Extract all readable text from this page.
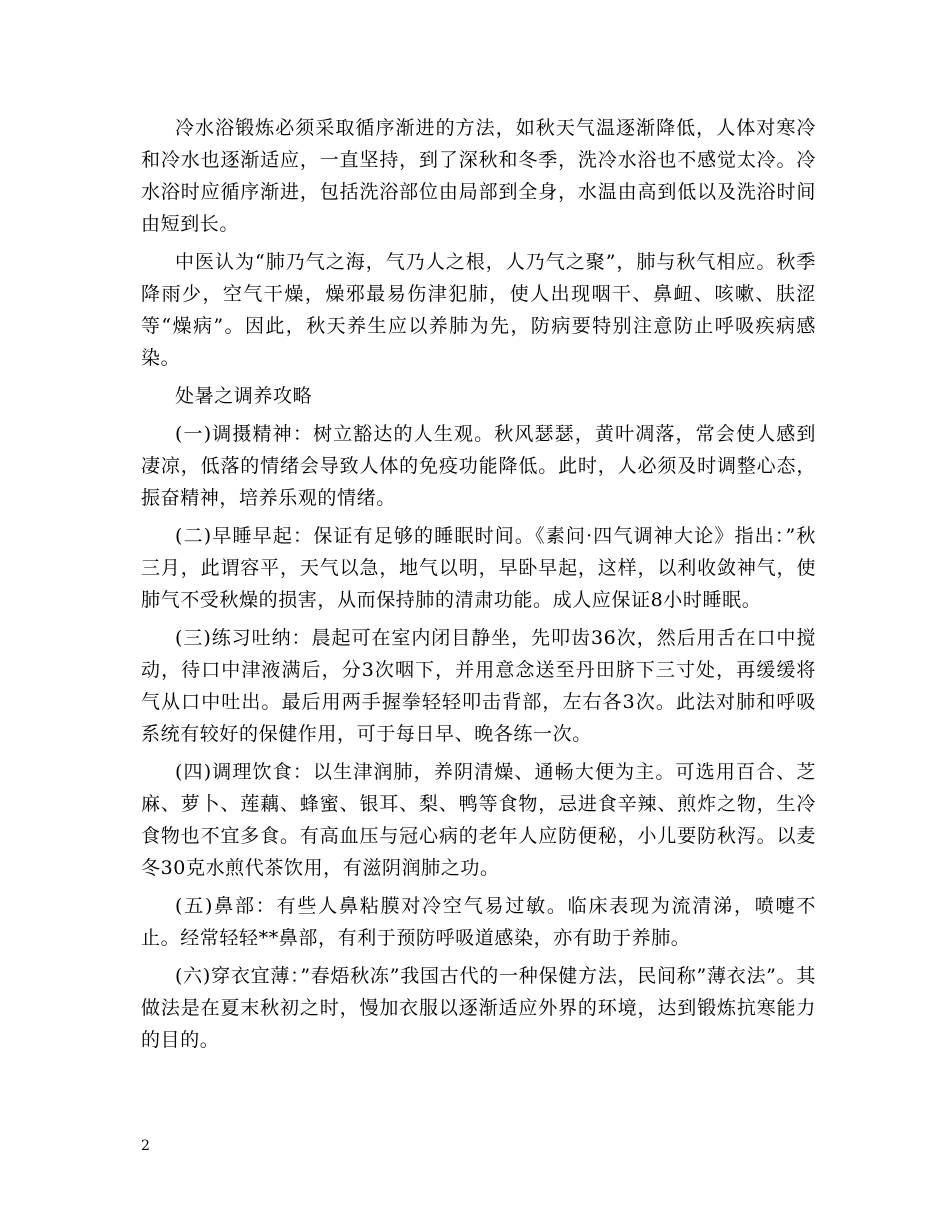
冷水浴锻炼必须采取循序渐进的方法，如秋天气温逐渐降低，人体对寒冷和冷水也逐渐适应，一直坚持，到了深秋和冬季，洗冷水浴也不感觉太冷。冷水浴时应循序渐进，包括洗浴部位由局部到全身，水温由高到低以及洗浴时间由短到长。

中医认为“肺乃气之海，气乃人之根，人乃气之聚”，肺与秋气相应。秋季降雨少，空气干燥，燥邪最易伤津犯肺，使人出现咽干、鼻衄、咳嗽、肤涩等“燥病”。因此，秋天养生应以养肺为先，防病要特别注意防止呼吸疾病感染。

处暑之调养攻略

(一)调摄精神：树立豁达的人生观。秋风瑟瑟，黄叶凋落，常会使人感到凄凉，低落的情绪会导致人体的免疫功能降低。此时，人必须及时调整心态，振奋精神，培养乐观的情绪。

(二)早睡早起：保证有足够的睡眠时间。《素问·四气调神大论》指出：”秋三月，此谓容平，天气以急，地气以明，早卧早起，这样，以利收敛神气，使肺气不受秋燥的损害，从而保持肺的清肃功能。成人应保证8小时睡眠。

(三)练习吐纳：晨起可在室内闭目静坐，先叩齿36次，然后用舌在口中搅动，待口中津液满后，分3次咽下，并用意念送至丹田脐下三寸处，再缓缓将气从口中吐出。最后用两手握拳轻轻叩击背部，左右各3次。此法对肺和呼吸系统有较好的保健作用，可于每日早、晚各练一次。

(四)调理饮食：以生津润肺，养阴清燥、通畅大便为主。可选用百合、芝麻、萝卜、莲藕、蜂蜜、银耳、梨、鸭等食物，忌进食辛辣、煎炸之物，生冷食物也不宜多食。有高血压与冠心病的老年人应防便秘，小儿要防秋泻。以麦冬30克水煎代茶饮用，有滋阴润肺之功。

(五)鼻部：有些人鼻粘膜对冷空气易过敏。临床表现为流清涕，喷嚏不止。经常轻轻**鼻部，有利于预防呼吸道感染，亦有助于养肺。

(六)穿衣宜薄：”春焐秋冻”我国古代的一种保健方法，民间称”薄衣法”。其做法是在夏末秋初之时，慢加衣服以逐渐适应外界的环境，达到锻炼抗寒能力的目的。

2
